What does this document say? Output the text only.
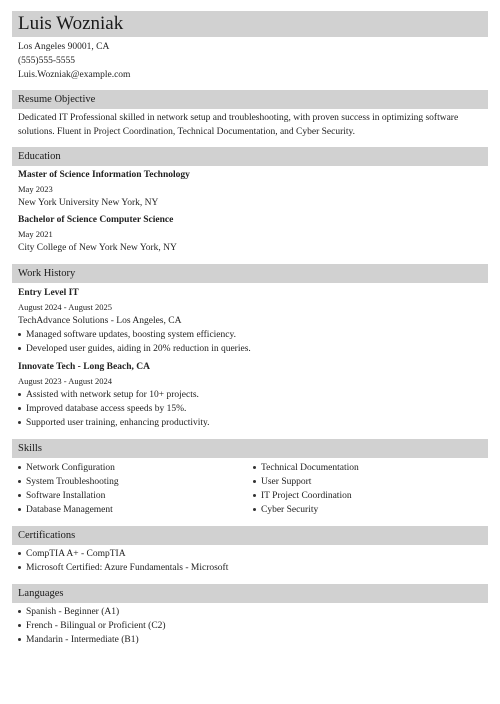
Luis Wozniak
Los Angeles 90001, CA
(555)555-5555
Luis.Wozniak@example.com
Resume Objective
Dedicated IT Professional skilled in network setup and troubleshooting, with proven success in optimizing software solutions. Fluent in Project Coordination, Technical Documentation, and Cyber Security.
Education
Master of Science Information Technology
May 2023
New York University New York, NY
Bachelor of Science Computer Science
May 2021
City College of New York New York, NY
Work History
Entry Level IT
August 2024 - August 2025
TechAdvance Solutions - Los Angeles, CA
Managed software updates, boosting system efficiency.
Developed user guides, aiding in 20% reduction in queries.
Innovate Tech - Long Beach, CA
August 2023 - August 2024
Assisted with network setup for 10+ projects.
Improved database access speeds by 15%.
Supported user training, enhancing productivity.
Skills
Network Configuration
System Troubleshooting
Software Installation
Database Management
Technical Documentation
User Support
IT Project Coordination
Cyber Security
Certifications
CompTIA A+ - CompTIA
Microsoft Certified: Azure Fundamentals - Microsoft
Languages
Spanish - Beginner (A1)
French - Bilingual or Proficient (C2)
Mandarin - Intermediate (B1)
